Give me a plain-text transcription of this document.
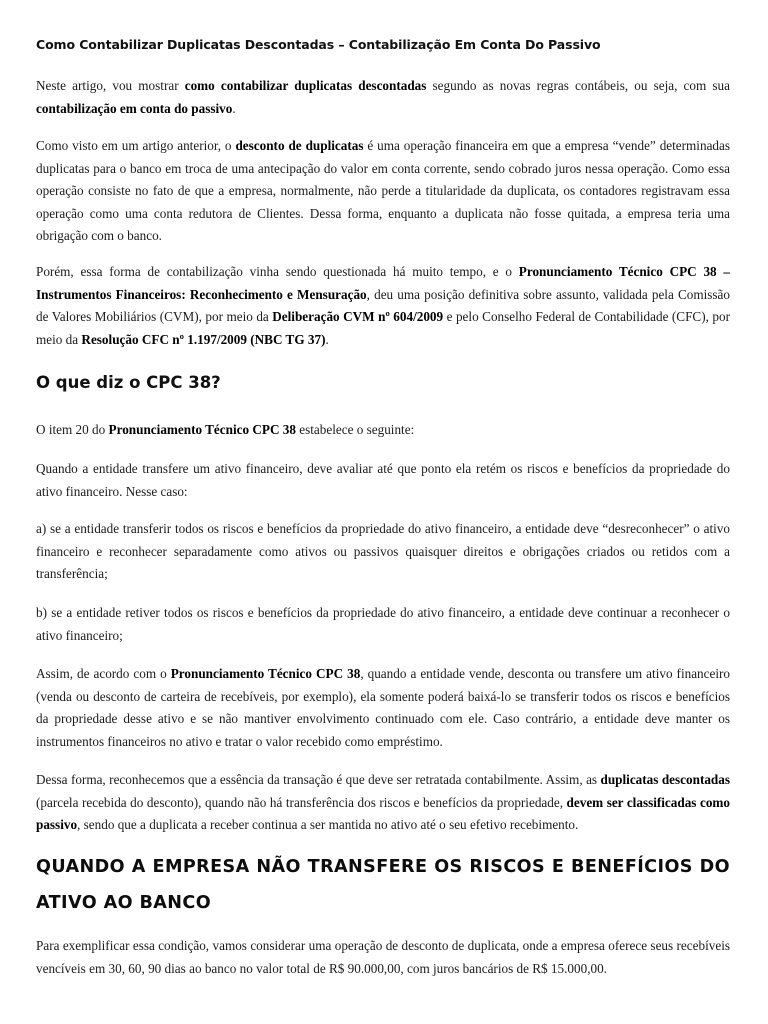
Como Contabilizar Duplicatas Descontadas – Contabilização Em Conta Do Passivo

Neste artigo, vou mostrar como contabilizar duplicatas descontadas segundo as novas regras contábeis, ou seja, com sua contabilização em conta do passivo.

Como visto em um artigo anterior, o desconto de duplicatas é uma operação financeira em que a empresa “vende” determinadas duplicatas para o banco em troca de uma antecipação do valor em conta corrente, sendo cobrado juros nessa operação. Como essa operação consiste no fato de que a empresa, normalmente, não perde a titularidade da duplicata, os contadores registravam essa operação como uma conta redutora de Clientes. Dessa forma, enquanto a duplicata não fosse quitada, a empresa teria uma obrigação com o banco.

Porém, essa forma de contabilização vinha sendo questionada há muito tempo, e o Pronunciamento Técnico CPC 38 – Instrumentos Financeiros: Reconhecimento e Mensuração, deu uma posição definitiva sobre assunto, validada pela Comissão de Valores Mobiliários (CVM), por meio da Deliberação CVM nº 604/2009 e pelo Conselho Federal de Contabilidade (CFC), por meio da Resolução CFC nº 1.197/2009 (NBC TG 37).

O que diz o CPC 38?

O item 20 do Pronunciamento Técnico CPC 38 estabelece o seguinte:

Quando a entidade transfere um ativo financeiro, deve avaliar até que ponto ela retém os riscos e benefícios da propriedade do ativo financeiro. Nesse caso:

a) se a entidade transferir todos os riscos e benefícios da propriedade do ativo financeiro, a entidade deve “desreconhecer” o ativo financeiro e reconhecer separadamente como ativos ou passivos quaisquer direitos e obrigações criados ou retidos com a transferência;

b) se a entidade retiver todos os riscos e benefícios da propriedade do ativo financeiro, a entidade deve continuar a reconhecer o ativo financeiro;

Assim, de acordo com o Pronunciamento Técnico CPC 38, quando a entidade vende, desconta ou transfere um ativo financeiro (venda ou desconto de carteira de recebíveis, por exemplo), ela somente poderá baixá-lo se transferir todos os riscos e benefícios da propriedade desse ativo e se não mantiver envolvimento continuado com ele. Caso contrário, a entidade deve manter os instrumentos financeiros no ativo e tratar o valor recebido como empréstimo.

Dessa forma, reconhecemos que a essência da transação é que deve ser retratada contabilmente. Assim, as duplicatas descontadas (parcela recebida do desconto), quando não há transferência dos riscos e benefícios da propriedade, devem ser classificadas como passivo, sendo que a duplicata a receber continua a ser mantida no ativo até o seu efetivo recebimento.

QUANDO A EMPRESA NÃO TRANSFERE OS RISCOS E BENEFÍCIOS DO ATIVO AO BANCO

Para exemplificar essa condição, vamos considerar uma operação de desconto de duplicata, onde a empresa oferece seus recebíveis vencíveis em 30, 60, 90 dias ao banco no valor total de R$ 90.000,00, com juros bancários de R$ 15.000,00.
